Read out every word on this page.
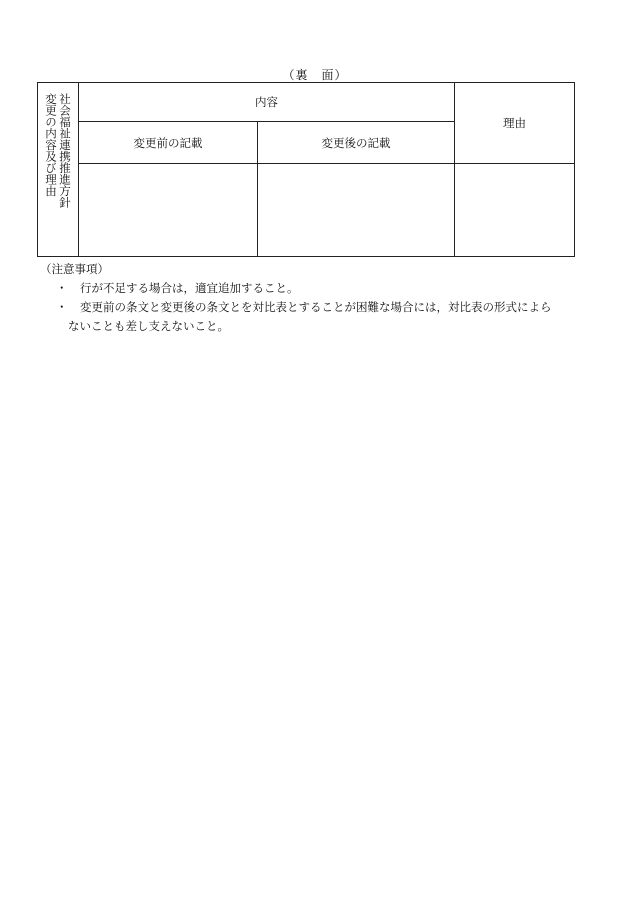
（裏　面）
社会福祉連携推進方針
変更の内容及び理由	内容		理由
	変更前の記載	変更後の記載	

（注意事項）
・	行が不足する場合は，適宜追加すること。
・	変更前の条文と変更後の条文とを対比表とすることが困難な場合には，対比表の形式によら
ないことも差し支えないこと。
